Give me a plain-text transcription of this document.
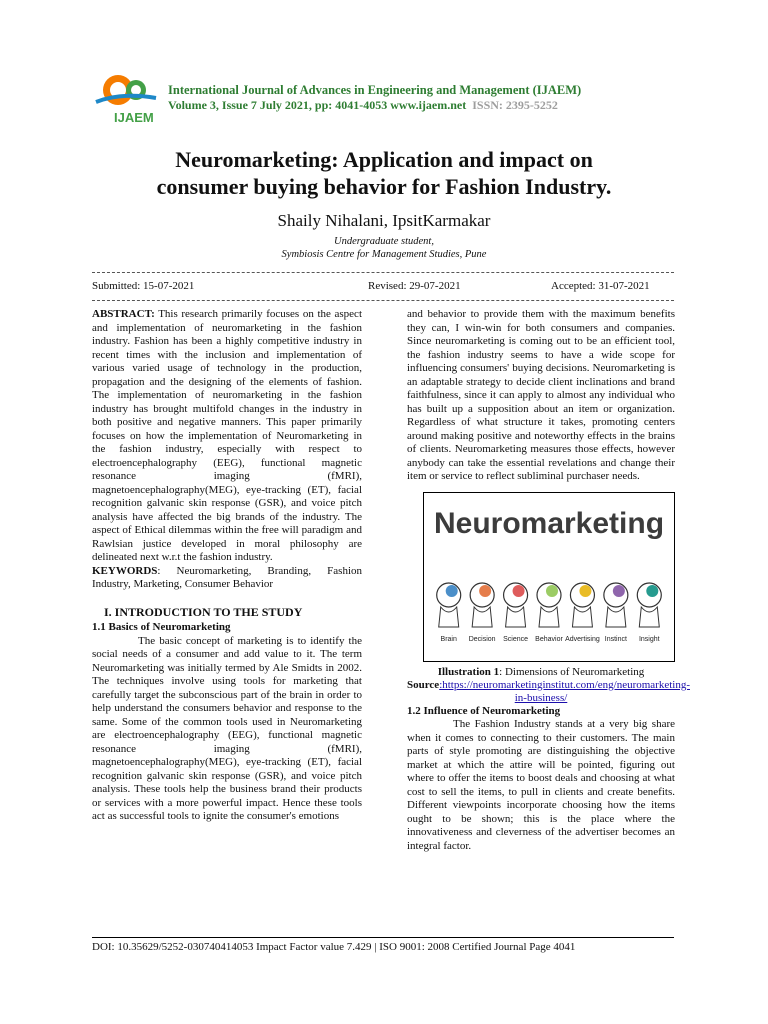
IJAEM
International Journal of Advances in Engineering and Management (IJAEM)
Volume 3, Issue 7 July 2021, pp: 4041-4053 www.ijaem.net ISSN: 2395-5252
Neuromarketing: Application and impact on
consumer buying behavior for Fashion Industry.
Shaily Nihalani, IpsitKarmakar
Undergraduate student,
Symbiosis Centre for Management Studies, Pune
Submitted: 15-07-2021	Revised: 29-07-2021	Accepted: 31-07-2021

ABSTRACT: This research primarily focuses on the aspect and implementation of neuromarketing in the fashion industry. Fashion has been a highly competitive industry in recent times with the inclusion and implementation of various varied usage of technology in the production, propagation and the designing of the elements of fashion. The implementation of neuromarketing in the fashion industry has brought multifold changes in the industry in both positive and negative manners. This paper primarily focuses on how the implementation of Neuromarketing in the fashion industry, especially with respect to electroencephalography (EEG), functional magnetic resonance imaging (fMRI), magnetoencephalography(MEG), eye-tracking (ET), facial recognition galvanic skin response (GSR), and voice pitch analysis have affected the big brands of the industry. The aspect of Ethical dilemmas within the free will paradigm and Rawlsian justice developed in moral philosophy are delineated next w.r.t the fashion industry.

KEYWORDS: Neuromarketing, Branding, Fashion Industry, Marketing, Consumer Behavior

I. INTRODUCTION TO THE STUDY
1.1 Basics of Neuromarketing

The basic concept of marketing is to identify the social needs of a consumer and add value to it. The term Neuromarketing was initially termed by Ale Smidts in 2002. The techniques involve using tools for marketing that carefully target the subconscious part of the brain in order to help understand the consumers behavior and response to the same. Some of the common tools used in Neuromarketing are electroencephalography (EEG), functional magnetic resonance imaging (fMRI), magnetoencephalography(MEG), eye-tracking (ET), facial recognition galvanic skin response (GSR), and voice pitch analysis. These tools help the business brand their products or services with a more powerful impact. Hence these tools act as successful tools to ignite the consumer's emotions

and behavior to provide them with the maximum benefits they can, I win-win for both consumers and companies. Since neuromarketing is coming out to be an efficient tool, the fashion industry seems to have a wide scope for influencing consumers' buying decisions. Neuromarketing is an adaptable strategy to decide client inclinations and brand faithfulness, since it can apply to almost any individual who has built up a supposition about an item or organization. Regardless of what structure it takes, promoting centers around making positive and noteworthy effects in the brains of clients. Neuromarketing measures those effects, however anybody can take the essential revelations and change their item or service to reflect subliminal purchaser needs.

Neuromarketing
Brain Decision Science Behavior Advertising Instinct Insight
Illustration 1: Dimensions of Neuromarketing
Source:https://neuromarketinginstitut.com/eng/neuromarketing-in-business/
1.2 Influence of Neuromarketing

The Fashion Industry stands at a very big share when it comes to connecting to their customers. The main parts of style promoting are distinguishing the objective market at which the attire will be pointed, figuring out where to offer the items to boost deals and choosing at what cost to sell the items, to pull in clients and create benefits. Different viewpoints incorporate choosing how the items ought to be shown; this is the place where the innovativeness and cleverness of the advertiser becomes an integral factor.

DOI: 10.35629/5252-030740414053 Impact Factor value 7.429 | ISO 9001: 2008 Certified Journal Page 4041
